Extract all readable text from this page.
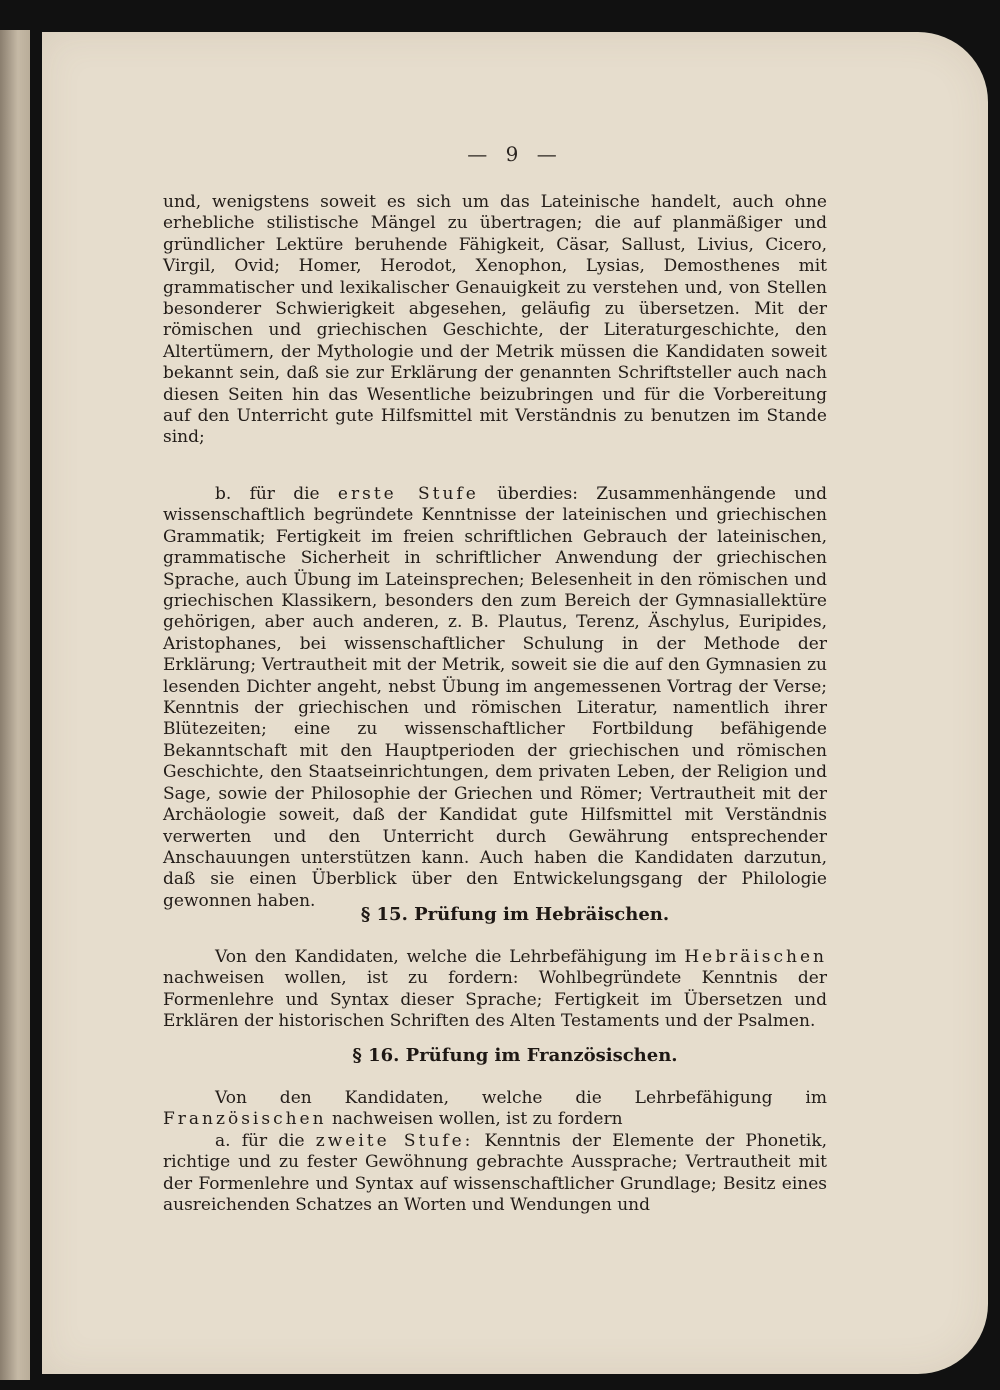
— 9 —

und, wenigstens soweit es sich um das Lateinische handelt, auch ohne erhebliche stilistische Mängel zu übertragen; die auf planmäßiger und gründlicher Lektüre beruhende Fähigkeit, Cäsar, Sallust, Livius, Cicero, Virgil, Ovid; Homer, Herodot, Xenophon, Lysias, Demosthenes mit grammatischer und lexikalischer Genauigkeit zu verstehen und, von Stellen besonderer Schwierigkeit abgesehen, geläufig zu übersetzen. Mit der römischen und griechischen Geschichte, der Literaturgeschichte, den Altertümern, der Mythologie und der Metrik müssen die Kandidaten soweit bekannt sein, daß sie zur Erklärung der genannten Schriftsteller auch nach diesen Seiten hin das Wesentliche beizubringen und für die Vorbereitung auf den Unterricht gute Hilfsmittel mit Verständnis zu benutzen im Stande sind;

b. für die erste Stufe überdies: Zusammenhängende und wissenschaftlich begründete Kenntnisse der lateinischen und griechischen Grammatik; Fertigkeit im freien schriftlichen Gebrauch der lateinischen, grammatische Sicherheit in schriftlicher Anwendung der griechischen Sprache, auch Übung im Lateinsprechen; Belesenheit in den römischen und griechischen Klassikern, besonders den zum Bereich der Gymnasiallektüre gehörigen, aber auch anderen, z. B. Plautus, Terenz, Äschylus, Euripides, Aristophanes, bei wissenschaftlicher Schulung in der Methode der Erklärung; Vertrautheit mit der Metrik, soweit sie die auf den Gymnasien zu lesenden Dichter angeht, nebst Übung im angemessenen Vortrag der Verse; Kenntnis der griechischen und römischen Literatur, namentlich ihrer Blütezeiten; eine zu wissenschaftlicher Fortbildung befähigende Bekanntschaft mit den Hauptperioden der griechischen und römischen Geschichte, den Staatseinrichtungen, dem privaten Leben, der Religion und Sage, sowie der Philosophie der Griechen und Römer; Vertrautheit mit der Archäologie soweit, daß der Kandidat gute Hilfsmittel mit Verständnis verwerten und den Unterricht durch Gewährung entsprechender Anschauungen unterstützen kann. Auch haben die Kandidaten darzutun, daß sie einen Überblick über den Entwickelungsgang der Philologie gewonnen haben.

§ 15. Prüfung im Hebräischen.

Von den Kandidaten, welche die Lehrbefähigung im Hebräischen nachweisen wollen, ist zu fordern: Wohlbegründete Kenntnis der Formenlehre und Syntax dieser Sprache; Fertigkeit im Übersetzen und Erklären der historischen Schriften des Alten Testaments und der Psalmen.

§ 16. Prüfung im Französischen.

Von den Kandidaten, welche die Lehrbefähigung im Französischen nachweisen wollen, ist zu fordern

a. für die zweite Stufe: Kenntnis der Elemente der Phonetik, richtige und zu fester Gewöhnung gebrachte Aussprache; Vertrautheit mit der Formenlehre und Syntax auf wissenschaftlicher Grundlage; Besitz eines ausreichenden Schatzes an Worten und Wendungen und
